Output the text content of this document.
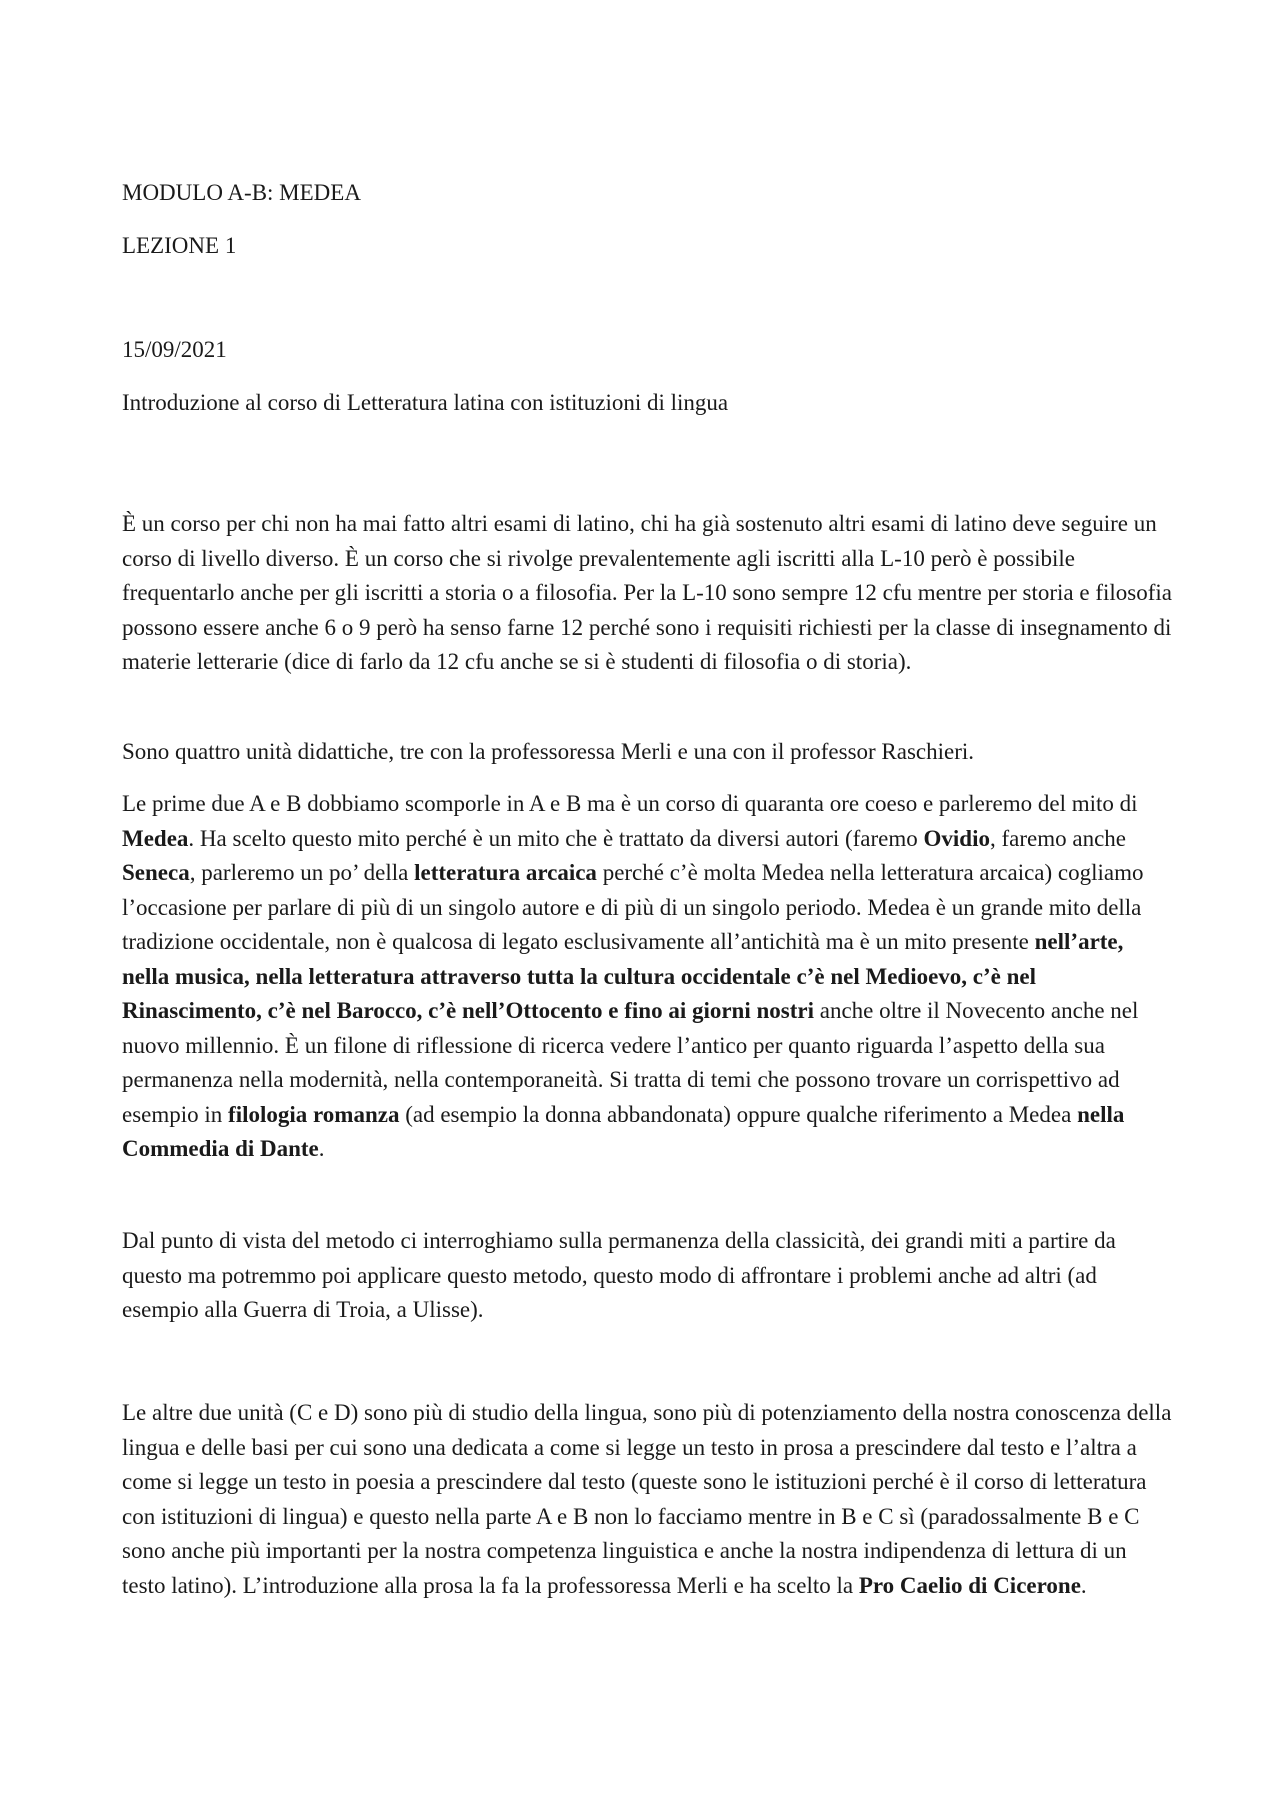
MODULO A-B: MEDEA
LEZIONE 1
15/09/2021
Introduzione al corso di Letteratura latina con istituzioni di lingua
È un corso per chi non ha mai fatto altri esami di latino, chi ha già sostenuto altri esami di latino deve seguire un corso di livello diverso. È un corso che si rivolge prevalentemente agli iscritti alla L-10 però è possibile frequentarlo anche per gli iscritti a storia o a filosofia. Per la L-10 sono sempre 12 cfu mentre per storia e filosofia possono essere anche 6 o 9 però ha senso farne 12 perché sono i requisiti richiesti per la classe di insegnamento di materie letterarie (dice di farlo da 12 cfu anche se si è studenti di filosofia o di storia).
Sono quattro unità didattiche, tre con la professoressa Merli e una con il professor Raschieri.
Le prime due A e B dobbiamo scomporle in A e B ma è un corso di quaranta ore coeso e parleremo del mito di Medea. Ha scelto questo mito perché è un mito che è trattato da diversi autori (faremo Ovidio, faremo anche Seneca, parleremo un po’ della letteratura arcaica perché c’è molta Medea nella letteratura arcaica) cogliamo l’occasione per parlare di più di un singolo autore e di più di un singolo periodo. Medea è un grande mito della tradizione occidentale, non è qualcosa di legato esclusivamente all’antichità ma è un mito presente nell’arte, nella musica, nella letteratura attraverso tutta la cultura occidentale c’è nel Medioevo, c’è nel Rinascimento, c’è nel Barocco, c’è nell’Ottocento e fino ai giorni nostri anche oltre il Novecento anche nel nuovo millennio. È un filone di riflessione di ricerca vedere l’antico per quanto riguarda l’aspetto della sua permanenza nella modernità, nella contemporaneità. Si tratta di temi che possono trovare un corrispettivo ad esempio in filologia romanza (ad esempio la donna abbandonata) oppure qualche riferimento a Medea nella Commedia di Dante.
Dal punto di vista del metodo ci interroghiamo sulla permanenza della classicità, dei grandi miti a partire da questo ma potremmo poi applicare questo metodo, questo modo di affrontare i problemi anche ad altri (ad esempio alla Guerra di Troia, a Ulisse).
Le altre due unità (C e D) sono più di studio della lingua, sono più di potenziamento della nostra conoscenza della lingua e delle basi per cui sono una dedicata a come si legge un testo in prosa a prescindere dal testo e l’altra a come si legge un testo in poesia a prescindere dal testo (queste sono le istituzioni perché è il corso di letteratura con istituzioni di lingua) e questo nella parte A e B non lo facciamo mentre in B e C sì (paradossalmente B e C sono anche più importanti per la nostra competenza linguistica e anche la nostra indipendenza di lettura di un testo latino). L’introduzione alla prosa la fa la professoressa Merli e ha scelto la Pro Caelio di Cicerone.
